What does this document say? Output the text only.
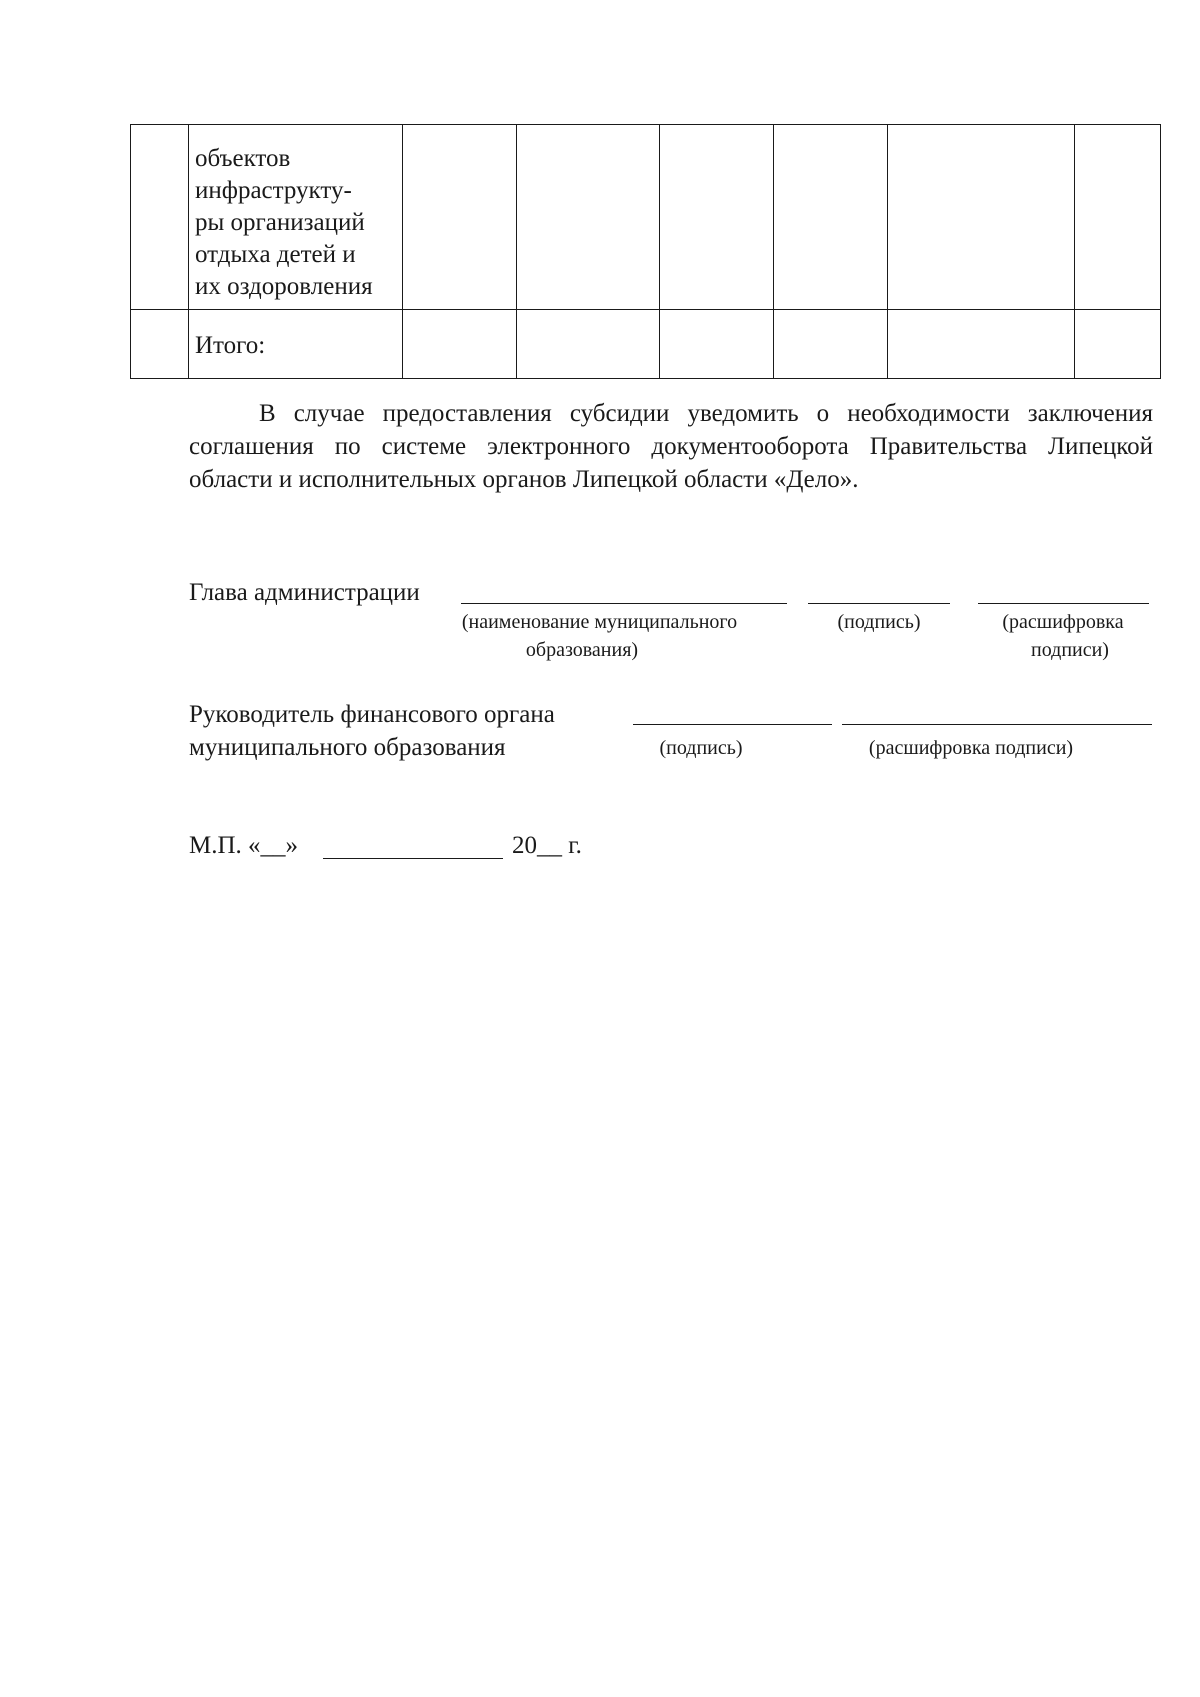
	объектов
инфраструкту-
ры организаций
отдыха детей и
их оздоровления						
	Итого:						

В случае предоставления субсидии уведомить о необходимости заключения соглашения по системе электронного документооборота Правительства Липецкой области и исполнительных органов Липецкой области «Дело».

Глава администрации
(наименование муниципального
образования)
(подпись)	(расшифровка
подписи)
Руководитель финансового органа
муниципального образования	(подпись)	(расшифровка подписи)
М.П. «__»	20__ г.
